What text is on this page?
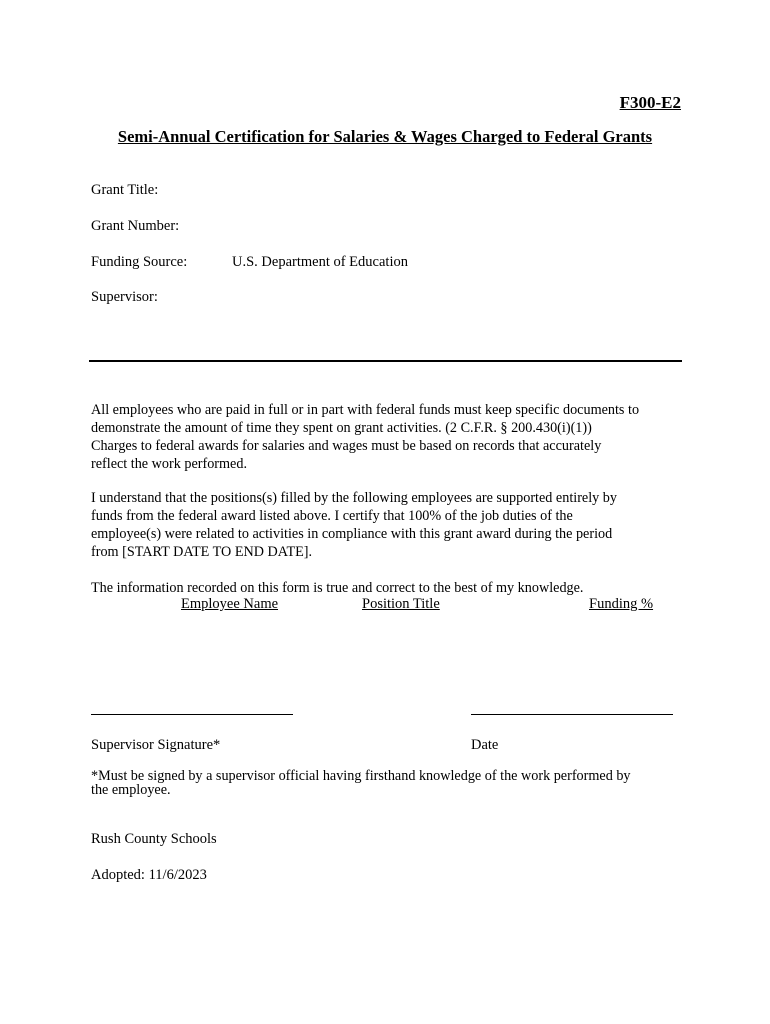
F300-E2
Semi-Annual Certification for Salaries & Wages Charged to Federal Grants
Grant Title:
Grant Number:
Funding Source:	U.S. Department of Education
Supervisor:
All employees who are paid in full or in part with federal funds must keep specific documents to
demonstrate the amount of time they spent on grant activities. (2 C.F.R. § 200.430(i)(1))
Charges to federal awards for salaries and wages must be based on records that accurately
reflect the work performed.
I understand that the positions(s) filled by the following employees are supported entirely by
funds from the federal award listed above. I certify that 100% of the job duties of the
employee(s) were related to activities in compliance with this grant award during the period
from [START DATE TO END DATE].
The information recorded on this form is true and correct to the best of my knowledge.
Employee Name	Position Title	Funding %
Supervisor Signature*	Date
*Must be signed by a supervisor official having firsthand knowledge of the work performed by
the employee.
Rush County Schools
Adopted: 11/6/2023
